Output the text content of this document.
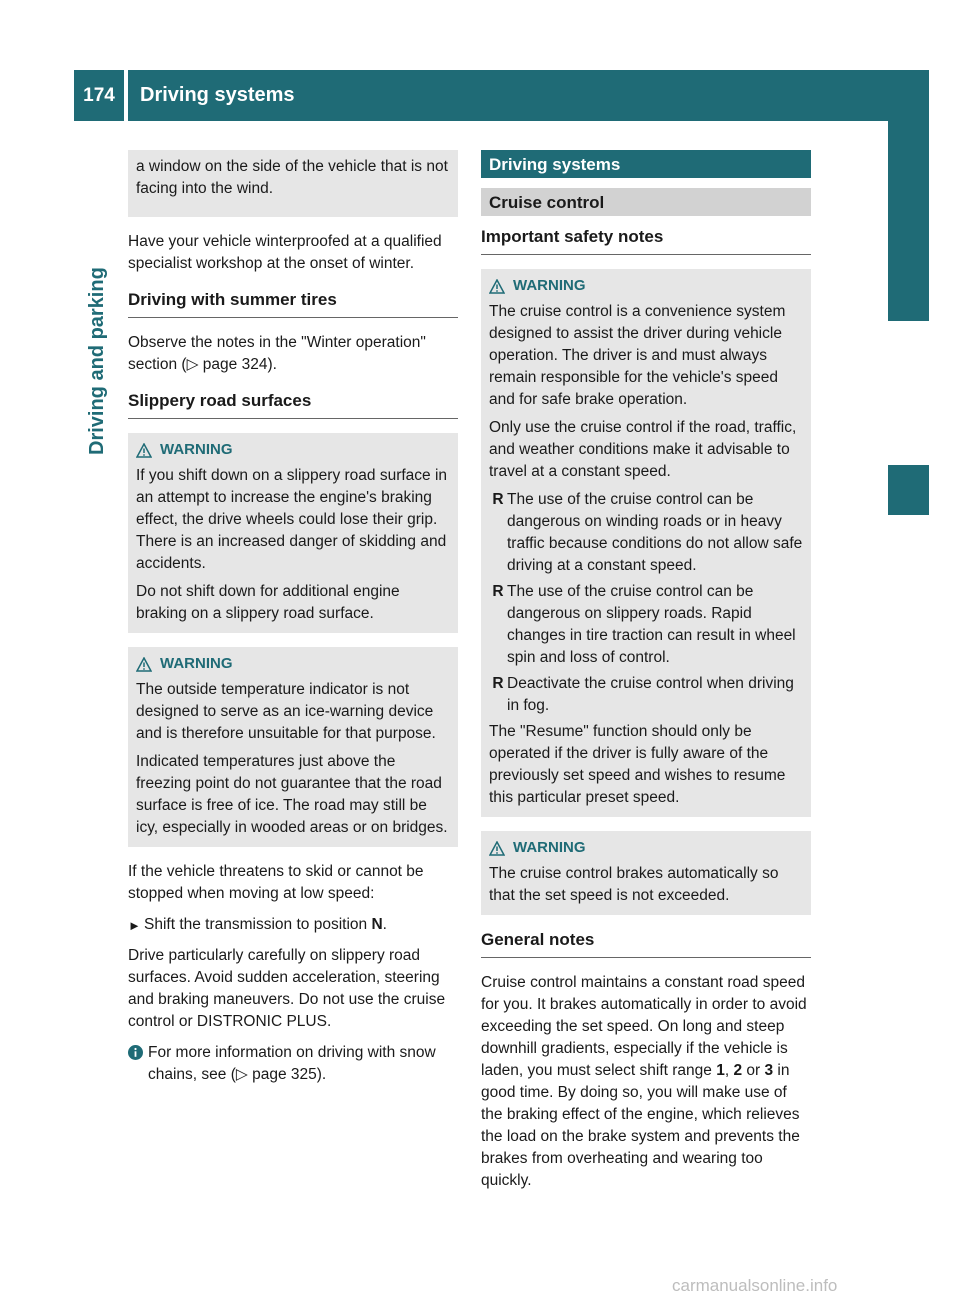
174	Driving systems
Driving and parking

a window on the side of the vehicle that is not facing into the wind.

Have your vehicle winterproofed at a qualified specialist workshop at the onset of winter.

Driving with summer tires

Observe the notes in the "Winter operation" section (▷ page 324).

Slippery road surfaces
WARNING

If you shift down on a slippery road surface in an attempt to increase the engine's braking effect, the drive wheels could lose their grip. There is an increased danger of skidding and accidents.

Do not shift down for additional engine braking on a slippery road surface.

WARNING

The outside temperature indicator is not designed to serve as an ice-warning device and is therefore unsuitable for that purpose.

Indicated temperatures just above the freezing point do not guarantee that the road surface is free of ice. The road may still be icy, especially in wooded areas or on bridges.

If the vehicle threatens to skid or cannot be stopped when moving at low speed:

► Shift the transmission to position N.

Drive particularly carefully on slippery road surfaces. Avoid sudden acceleration, steering and braking maneuvers. Do not use the cruise control or DISTRONIC PLUS.

For more information on driving with snow chains, see (▷ page 325).
Driving systems
Cruise control
Important safety notes
WARNING

The cruise control is a convenience system designed to assist the driver during vehicle operation. The driver is and must always remain responsible for the vehicle's speed and for safe brake operation.

Only use the cruise control if the road, traffic, and weather conditions make it advisable to travel at a constant speed.

R The use of the cruise control can be dangerous on winding roads or in heavy traffic because conditions do not allow safe driving at a constant speed.
R The use of the cruise control can be dangerous on slippery roads. Rapid changes in tire traction can result in wheel spin and loss of control.
R Deactivate the cruise control when driving in fog.

The "Resume" function should only be operated if the driver is fully aware of the previously set speed and wishes to resume this particular preset speed.

WARNING

The cruise control brakes automatically so that the set speed is not exceeded.

General notes

Cruise control maintains a constant road speed for you. It brakes automatically in order to avoid exceeding the set speed. On long and steep downhill gradients, especially if the vehicle is laden, you must select shift range 1, 2 or 3 in good time. By doing so, you will make use of the braking effect of the engine, which relieves the load on the brake system and prevents the brakes from overheating and wearing too quickly.

carmanualsonline.info
